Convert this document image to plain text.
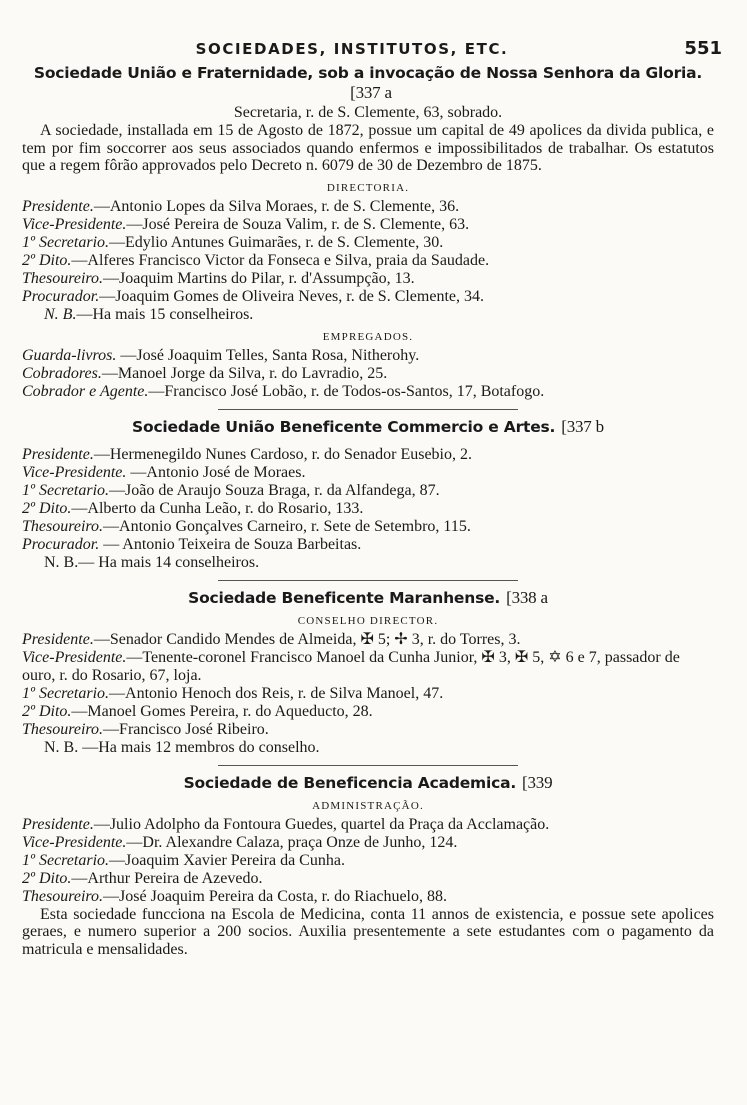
SOCIEDADES, INSTITUTOS, ETC.	551
Sociedade União e Fraternidade, sob a invocação de Nossa Senhora da Gloria.[337 a
Secretaria, r. de S. Clemente, 63, sobrado.
A sociedade, installada em 15 de Agosto de 1872, possue um capital de 49 apolices da divida publica, e tem por fim soccorrer aos seus associados quando enfermos e impossibilitados de trabalhar. Os estatutos que a regem fôrão approvados pelo Decreto n. 6079 de 30 de Dezembro de 1875.
DIRECTORIA.
Presidente.—Antonio Lopes da Silva Moraes, r. de S. Clemente, 36.
Vice-Presidente.—José Pereira de Souza Valim, r. de S. Clemente, 63.
1º Secretario.—Edylio Antunes Guimarães, r. de S. Clemente, 30.
2º Dito.—Alferes Francisco Victor da Fonseca e Silva, praia da Saudade.
Thesoureiro.—Joaquim Martins do Pilar, r. d'Assumpção, 13.
Procurador.—Joaquim Gomes de Oliveira Neves, r. de S. Clemente, 34.
N. B.—Ha mais 15 conselheiros.
EMPREGADOS.
Guarda-livros. —José Joaquim Telles, Santa Rosa, Nitherohy.
Cobradores.—Manoel Jorge da Silva, r. do Lavradio, 25.
Cobrador e Agente.—Francisco José Lobão, r. de Todos-os-Santos, 17, Botafogo.
Sociedade União Beneficente Commercio e Artes. [337 b
Presidente.—Hermenegildo Nunes Cardoso, r. do Senador Eusebio, 2.
Vice-Presidente. —Antonio José de Moraes.
1º Secretario.—João de Araujo Souza Braga, r. da Alfandega, 87.
2º Dito.—Alberto da Cunha Leão, r. do Rosario, 133.
Thesoureiro.—Antonio Gonçalves Carneiro, r. Sete de Setembro, 115.
Procurador. — Antonio Teixeira de Souza Barbeitas.
N. B.— Ha mais 14 conselheiros.
Sociedade Beneficente Maranhense. [338 a
CONSELHO DIRECTOR.
Presidente.—Senador Candido Mendes de Almeida, ✠ 5; ✢ 3, r. do Torres, 3.
Vice-Presidente.—Tenente-coronel Francisco Manoel da Cunha Junior, ✠ 3, ✠ 5, ✡ 6 e 7, passador de ouro, r. do Rosario, 67, loja.
1º Secretario.—Antonio Henoch dos Reis, r. de Silva Manoel, 47.
2º Dito.—Manoel Gomes Pereira, r. do Aqueducto, 28.
Thesoureiro.—Francisco José Ribeiro.
N. B. —Ha mais 12 membros do conselho.
Sociedade de Beneficencia Academica. [339
ADMINISTRAÇÃO.
Presidente.—Julio Adolpho da Fontoura Guedes, quartel da Praça da Acclamação.
Vice-Presidente.—Dr. Alexandre Calaza, praça Onze de Junho, 124.
1º Secretario.—Joaquim Xavier Pereira da Cunha.
2º Dito.—Arthur Pereira de Azevedo.
Thesoureiro.—José Joaquim Pereira da Costa, r. do Riachuelo, 88.
Esta sociedade funcciona na Escola de Medicina, conta 11 annos de existencia, e possue sete apolices geraes, e numero superior a 200 socios. Auxilia presentemente a sete estudantes com o pagamento da matricula e mensalidades.
